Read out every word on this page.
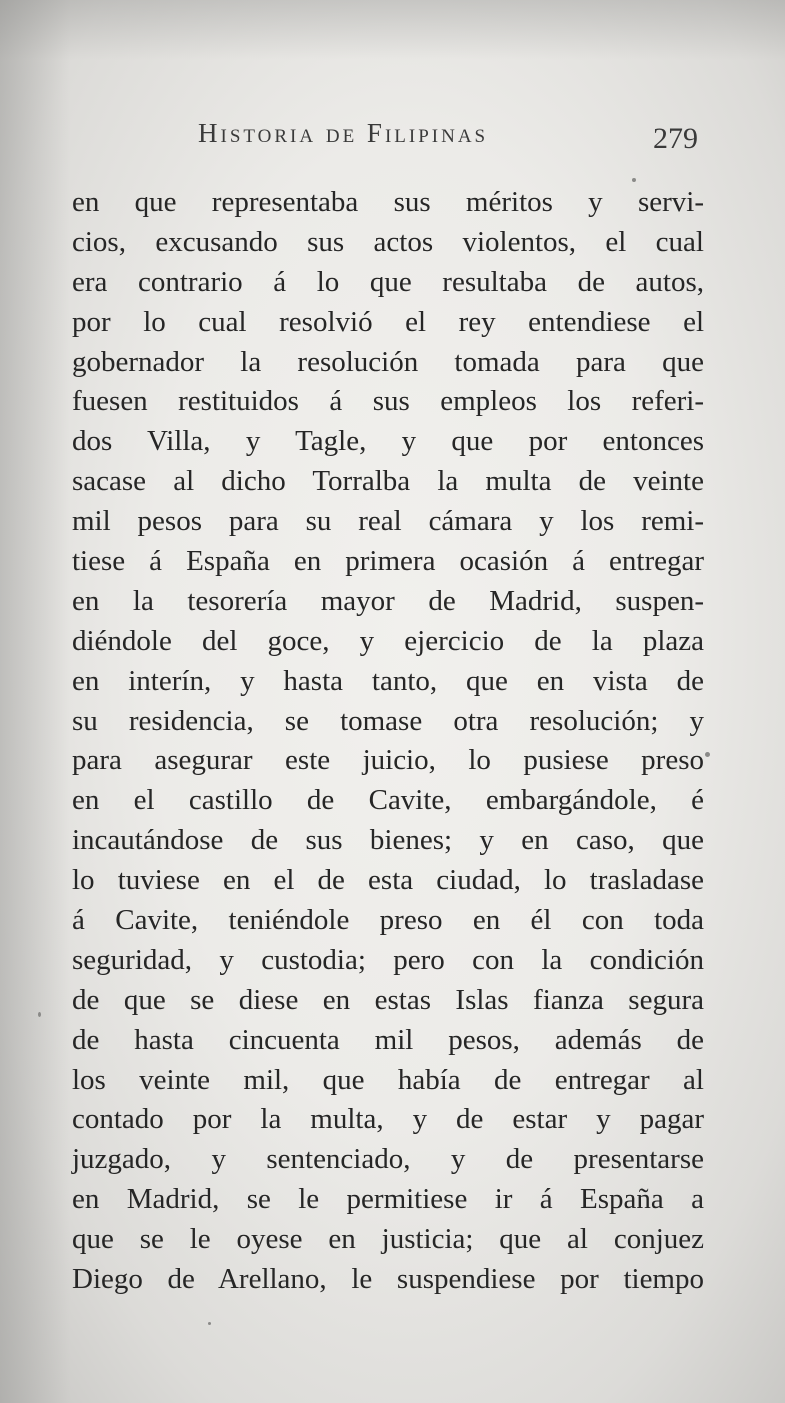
Historia de Filipinas	279
en que representaba sus méritos y servi-
cios, excusando sus actos violentos, el cual
era contrario á lo que resultaba de autos,
por lo cual resolvió el rey entendiese el
gobernador la resolución tomada para que
fuesen restituidos á sus empleos los referi-
dos Villa, y Tagle, y que por entonces
sacase al dicho Torralba la multa de veinte
mil pesos para su real cámara y los remi-
tiese á España en primera ocasión á entregar
en la tesorería mayor de Madrid, suspen-
diéndole del goce, y ejercicio de la plaza
en interín, y hasta tanto, que en vista de
su residencia, se tomase otra resolución; y
para asegurar este juicio, lo pusiese preso
en el castillo de Cavite, embargándole, é
incautándose de sus bienes; y en caso, que
lo tuviese en el de esta ciudad, lo trasladase
á Cavite, teniéndole preso en él con toda
seguridad, y custodia; pero con la condición
de que se diese en estas Islas fianza segura
de hasta cincuenta mil pesos, además de
los veinte mil, que había de entregar al
contado por la multa, y de estar y pagar
juzgado, y sentenciado, y de presentarse
en Madrid, se le permitiese ir á España a
que se le oyese en justicia; que al conjuez
Diego de Arellano, le suspendiese por tiempo
